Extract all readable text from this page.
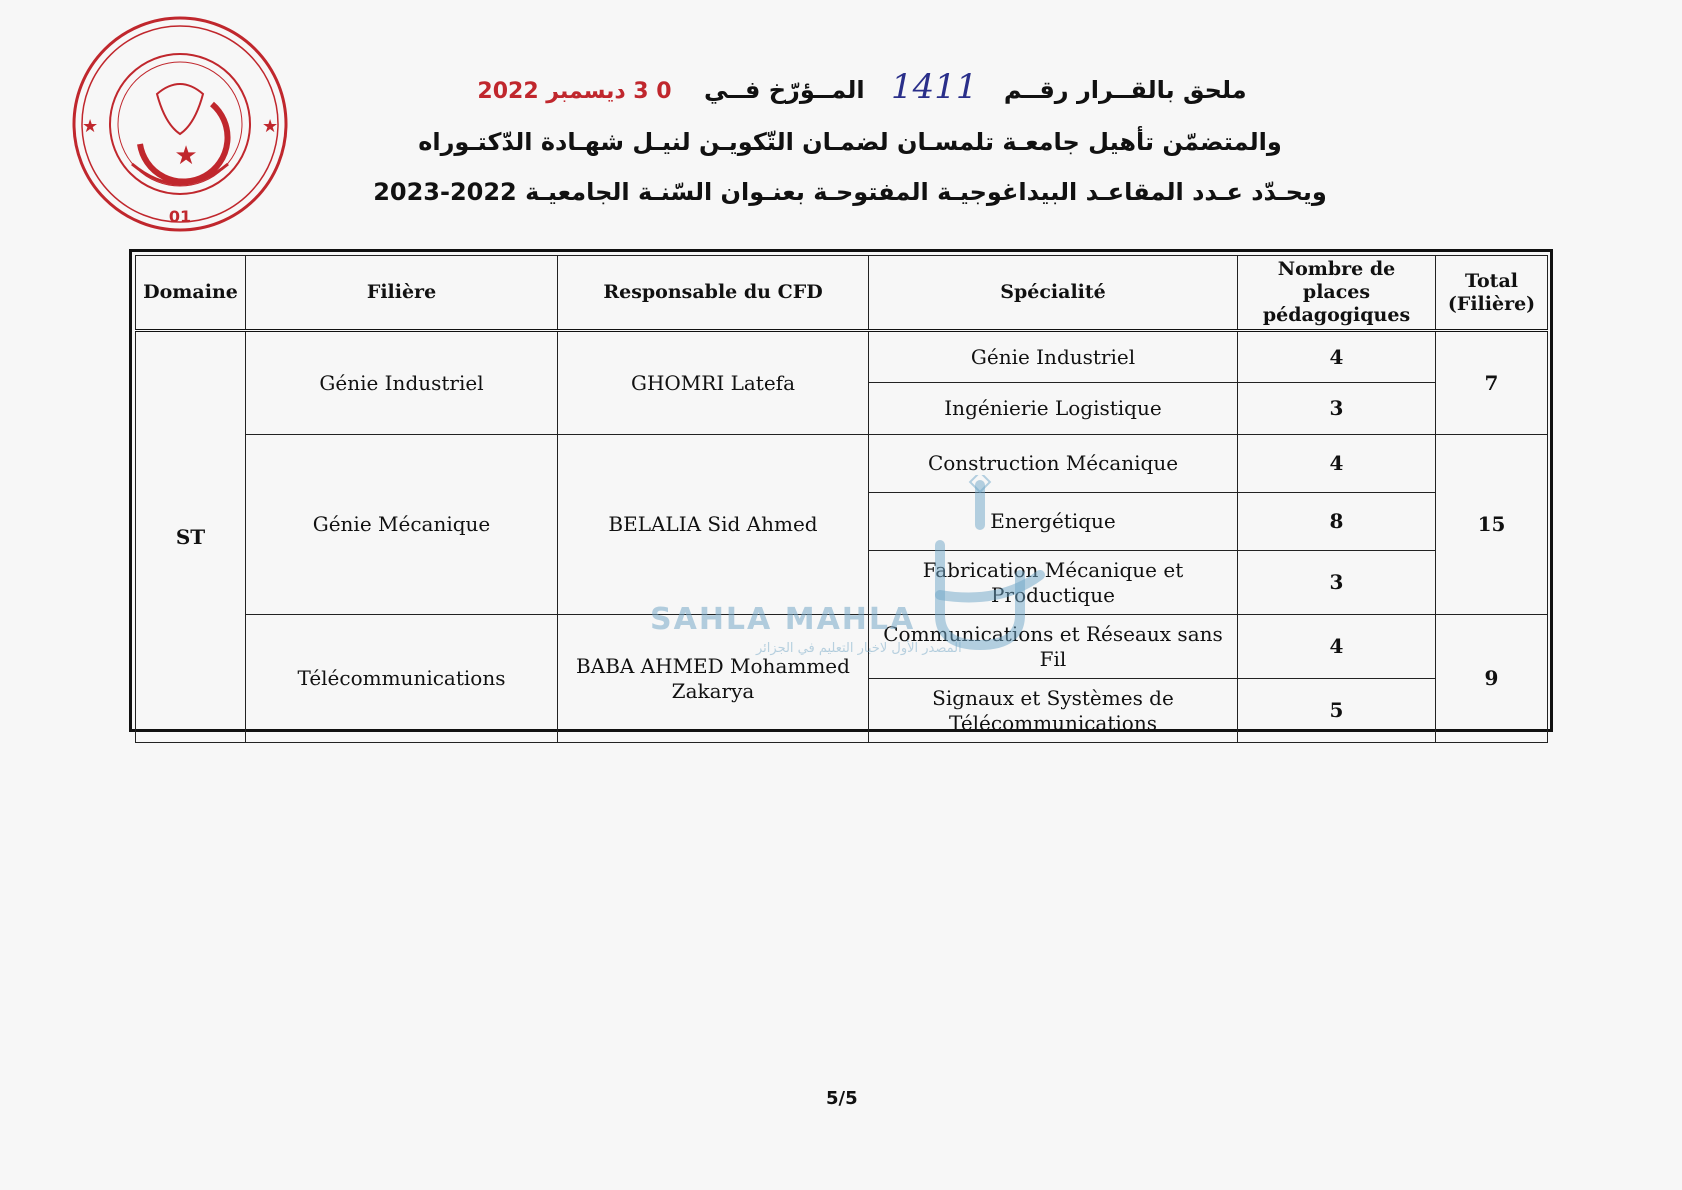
★
★	★
01
ملحق بالقــرار رقــم 1411 المــؤرّخ فــي 0 3 دیسمبر 2022
والمتضمّن تأهيل جامعـة تلمسـان لضمـان التّكويـن لنيـل شهـادة الدّكتـوراه
ويحـدّد عـدد المقاعـد البيداغوجيـة المفتوحـة بعنـوان السّنـة الجامعيـة 2022-2023
Domaine	Filière	Responsable du CFD	Spécialité	Nombre de places pédagogiques	Total (Filière)
ST	Génie Industriel	GHOMRI Latefa	Génie Industriel	4	7
			Ingénierie Logistique	3	
	Génie Mécanique	BELALIA Sid Ahmed	Construction Mécanique	4	15
			Energétique	8	
			Fabrication Mécanique et Productique	3	
	Télécommunications	BABA AHMED Mohammed Zakarya	Communications et Réseaux sans Fil	4	9
			Signaux et Systèmes de Télécommunications	5	
SAHLA MAHLA
المصدر الأول لاخبار التعليم في الجزائر
5/5
